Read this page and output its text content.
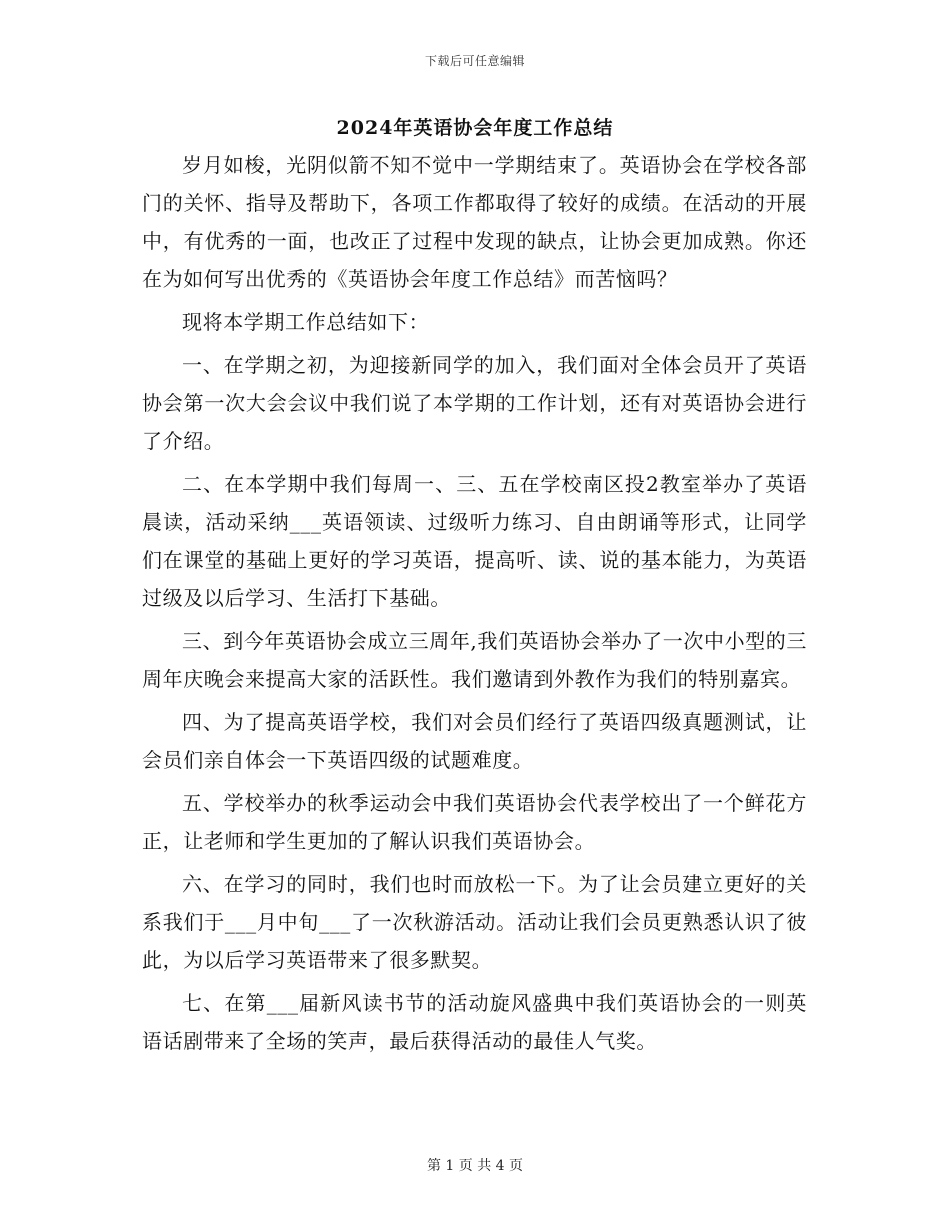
下载后可任意编辑
2024年英语协会年度工作总结

岁月如梭，光阴似箭不知不觉中一学期结束了。英语协会在学校各部门的关怀、指导及帮助下，各项工作都取得了较好的成绩。在活动的开展中，有优秀的一面，也改正了过程中发现的缺点，让协会更加成熟。你还在为如何写出优秀的《英语协会年度工作总结》而苦恼吗？

现将本学期工作总结如下：

一、在学期之初，为迎接新同学的加入，我们面对全体会员开了英语协会第一次大会会议中我们说了本学期的工作计划，还有对英语协会进行了介绍。

二、在本学期中我们每周一、三、五在学校南区投2教室举办了英语晨读，活动采纳___英语领读、过级听力练习、自由朗诵等形式，让同学们在课堂的基础上更好的学习英语，提高听、读、说的基本能力，为英语过级及以后学习、生活打下基础。

三、到今年英语协会成立三周年,我们英语协会举办了一次中小型的三周年庆晚会来提高大家的活跃性。我们邀请到外教作为我们的特别嘉宾。

四、为了提高英语学校，我们对会员们经行了英语四级真题测试，让会员们亲自体会一下英语四级的试题难度。

五、学校举办的秋季运动会中我们英语协会代表学校出了一个鲜花方正，让老师和学生更加的了解认识我们英语协会。

六、在学习的同时，我们也时而放松一下。为了让会员建立更好的关系我们于___月中旬___了一次秋游活动。活动让我们会员更熟悉认识了彼此，为以后学习英语带来了很多默契。

七、在第___届新风读书节的活动旋风盛典中我们英语协会的一则英语话剧带来了全场的笑声，最后获得活动的最佳人气奖。

第 1 页 共 4 页
